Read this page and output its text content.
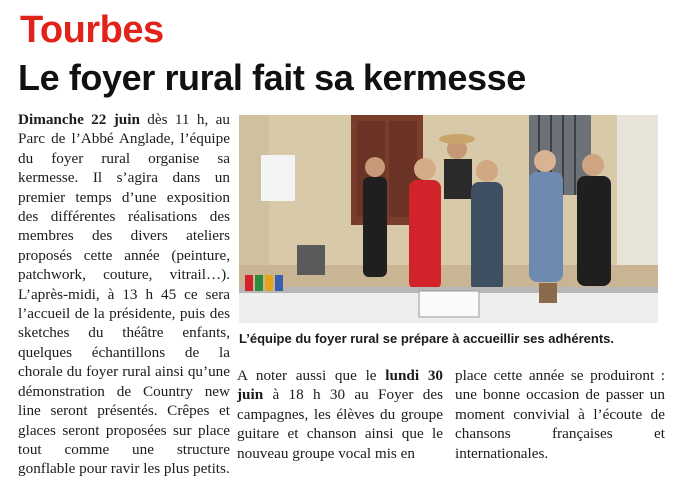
Tourbes
Le foyer rural fait sa kermesse

Dimanche 22 juin dès 11 h, au Parc de l’Abbé Anglade, l’équipe du foyer rural organise sa kermesse. Il s’agira dans un premier temps d’une exposition des différentes réalisations des membres des divers ateliers proposés cette année (peinture, patchwork, couture, vitrail…). L’après-midi, à 13 h 45 ce sera l’accueil de la présidente, puis des sketches du théâtre enfants, quelques échantillons de la chorale du foyer rural ainsi qu’une démonstration de Country new line seront présentés. Crêpes et glaces seront proposées sur place tout comme une structure gonflable pour ravir les plus petits.

L’équipe du foyer rural se prépare à accueillir ses adhérents.

A noter aussi que le lundi 30 juin à 18 h 30 au Foyer des campagnes, les élèves du groupe guitare et chanson ainsi que le nouveau groupe vocal mis en

place cette année se produiront : une bonne occasion de passer un moment convivial à l’écoute de chansons françaises et internationales.
